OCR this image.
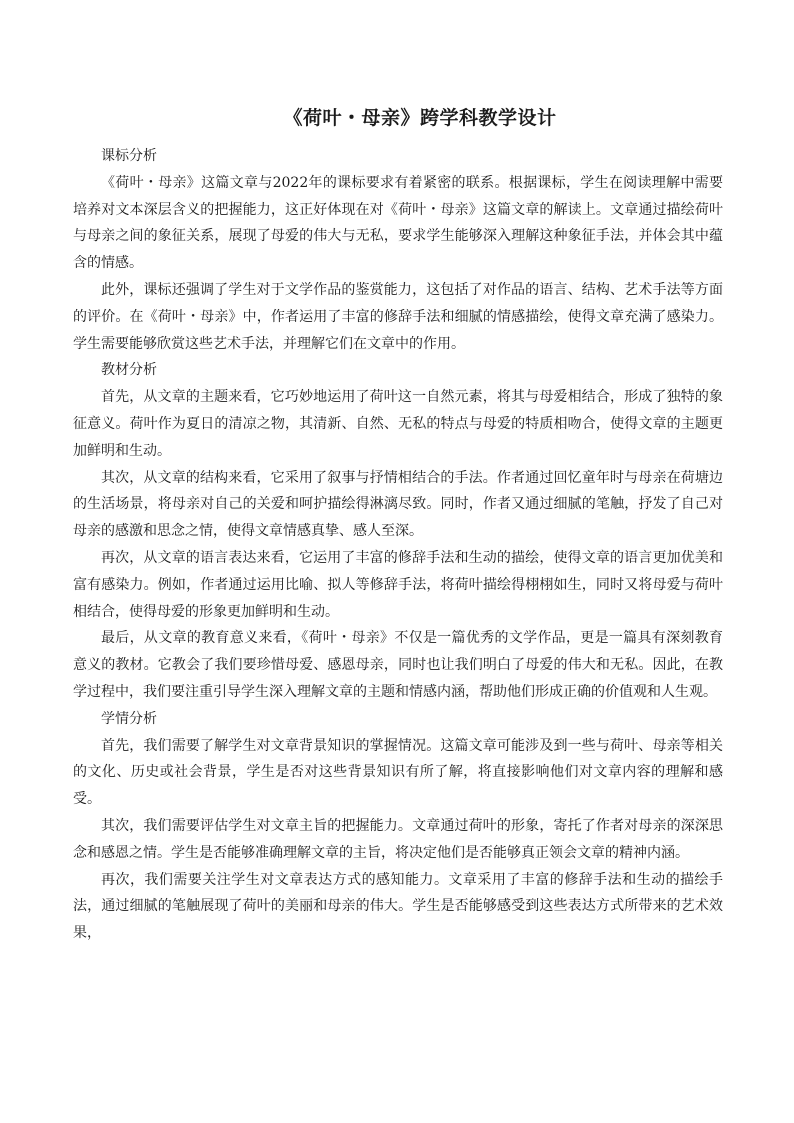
《荷叶・母亲》跨学科教学设计
课标分析

《荷叶・母亲》这篇文章与2022年的课标要求有着紧密的联系。根据课标，学生在阅读理解中需要培养对文本深层含义的把握能力，这正好体现在对《荷叶・母亲》这篇文章的解读上。文章通过描绘荷叶与母亲之间的象征关系，展现了母爱的伟大与无私，要求学生能够深入理解这种象征手法，并体会其中蕴含的情感。

此外，课标还强调了学生对于文学作品的鉴赏能力，这包括了对作品的语言、结构、艺术手法等方面的评价。在《荷叶・母亲》中，作者运用了丰富的修辞手法和细腻的情感描绘，使得文章充满了感染力。学生需要能够欣赏这些艺术手法，并理解它们在文章中的作用。

教材分析

首先，从文章的主题来看，它巧妙地运用了荷叶这一自然元素，将其与母爱相结合，形成了独特的象征意义。荷叶作为夏日的清凉之物，其清新、自然、无私的特点与母爱的特质相吻合，使得文章的主题更加鲜明和生动。

其次，从文章的结构来看，它采用了叙事与抒情相结合的手法。作者通过回忆童年时与母亲在荷塘边的生活场景，将母亲对自己的关爱和呵护描绘得淋漓尽致。同时，作者又通过细腻的笔触，抒发了自己对母亲的感激和思念之情，使得文章情感真挚、感人至深。

再次，从文章的语言表达来看，它运用了丰富的修辞手法和生动的描绘，使得文章的语言更加优美和富有感染力。例如，作者通过运用比喻、拟人等修辞手法，将荷叶描绘得栩栩如生，同时又将母爱与荷叶相结合，使得母爱的形象更加鲜明和生动。

最后，从文章的教育意义来看，《荷叶・母亲》不仅是一篇优秀的文学作品，更是一篇具有深刻教育意义的教材。它教会了我们要珍惜母爱、感恩母亲，同时也让我们明白了母爱的伟大和无私。因此，在教学过程中，我们要注重引导学生深入理解文章的主题和情感内涵，帮助他们形成正确的价值观和人生观。

学情分析

首先，我们需要了解学生对文章背景知识的掌握情况。这篇文章可能涉及到一些与荷叶、母亲等相关的文化、历史或社会背景，学生是否对这些背景知识有所了解，将直接影响他们对文章内容的理解和感受。

其次，我们需要评估学生对文章主旨的把握能力。文章通过荷叶的形象，寄托了作者对母亲的深深思念和感恩之情。学生是否能够准确理解文章的主旨，将决定他们是否能够真正领会文章的精神内涵。

再次，我们需要关注学生对文章表达方式的感知能力。文章采用了丰富的修辞手法和生动的描绘手法，通过细腻的笔触展现了荷叶的美丽和母亲的伟大。学生是否能够感受到这些表达方式所带来的艺术效果，
